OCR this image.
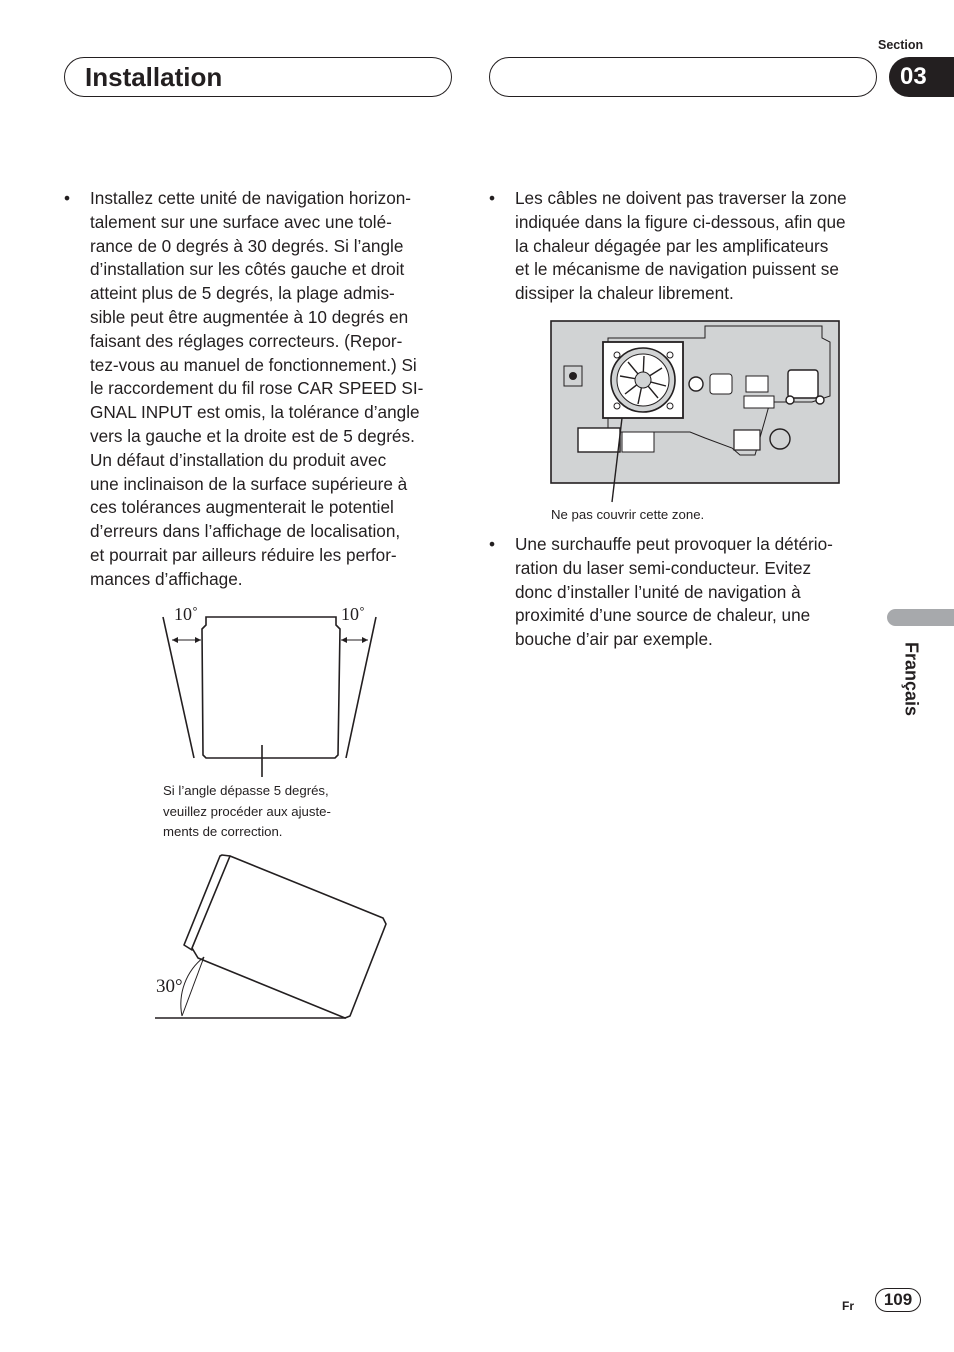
Installation
Section
03
• Installez cette unité de navigation horizon-
talement sur une surface avec une tolé-
rance de 0 degrés à 30 degrés. Si l’angle
d’installation sur les côtés gauche et droit
atteint plus de 5 degrés, la plage admis-
sible peut être augmentée à 10 degrés en
faisant des réglages correcteurs. (Repor-
tez-vous au manuel de fonctionnement.) Si
le raccordement du fil rose CAR SPEED SI-
GNAL INPUT est omis, la tolérance d’angle
vers la gauche et la droite est de 5 degrés.
Un défaut d’installation du produit avec
une inclinaison de la surface supérieure à
ces tolérances augmenterait le potentiel
d’erreurs dans l’affichage de localisation,
et pourrait par ailleurs réduire les perfor-
mances d’affichage.
10˚	10˚
Si l’angle dépasse 5 degrés,
veuillez procéder aux ajuste-
ments de correction.
30°
• Les câbles ne doivent pas traverser la zone
indiquée dans la figure ci-dessous, afin que
la chaleur dégagée par les amplificateurs
et le mécanisme de navigation puissent se
dissiper la chaleur librement.
Ne pas couvrir cette zone.
• Une surchauffe peut provoquer la détério-
ration du laser semi-conducteur. Evitez
donc d’installer l’unité de navigation à
proximité d’une source de chaleur, une
bouche d’air par exemple.
Français
Fr	109
